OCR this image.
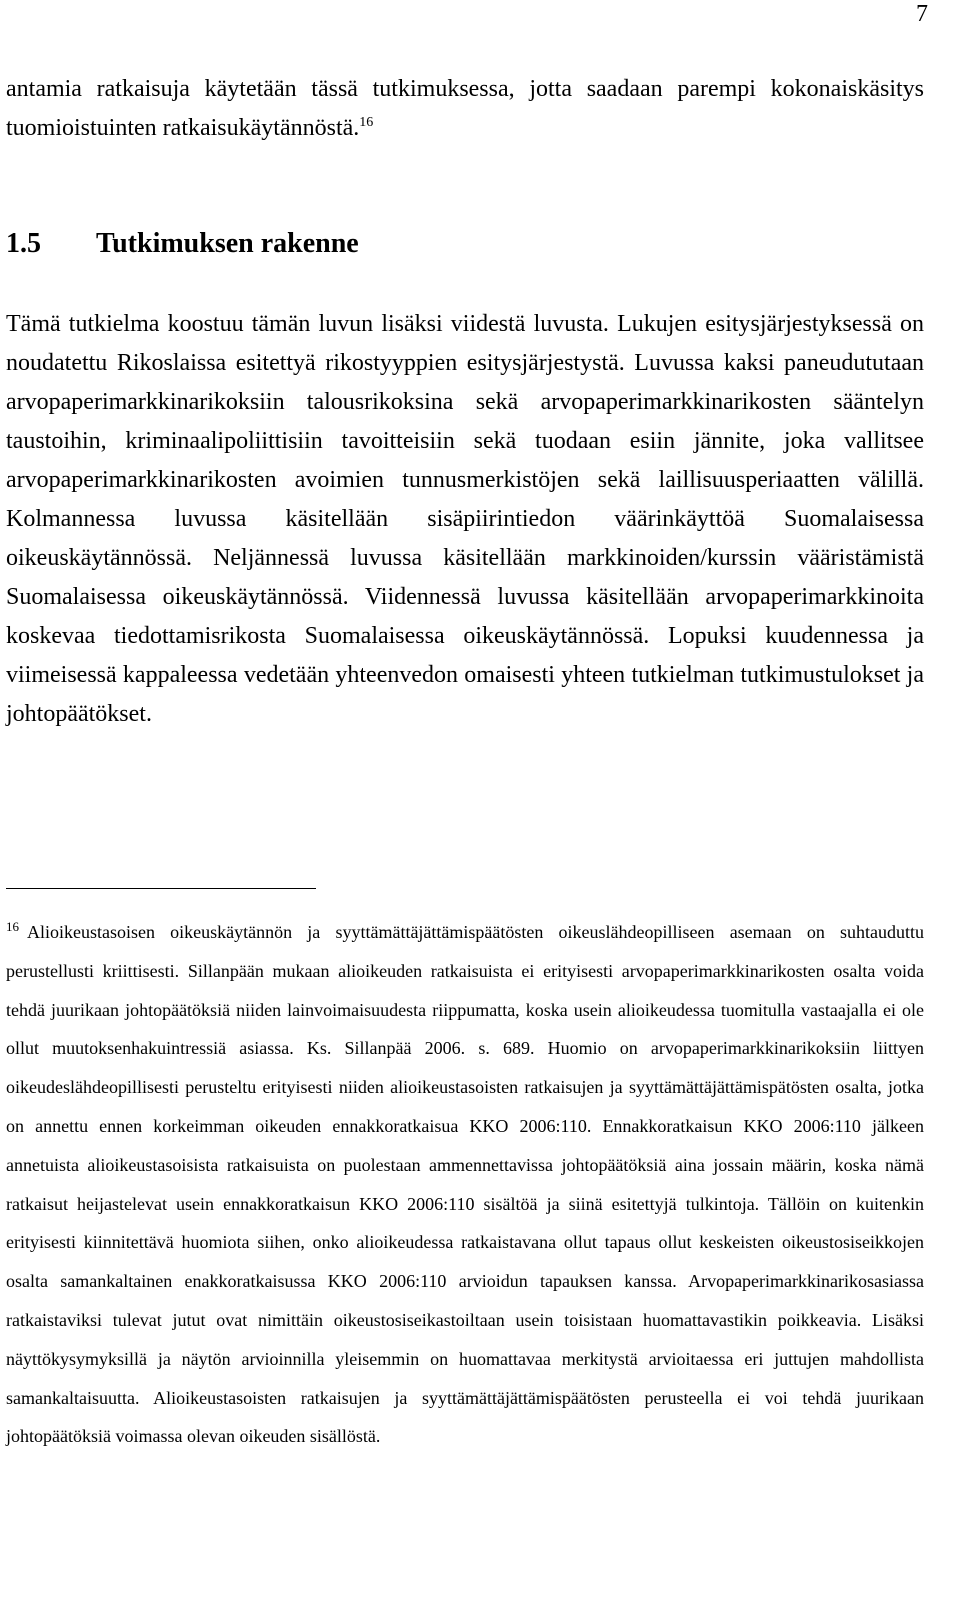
7

antamia ratkaisuja käytetään tässä tutkimuksessa, jotta saadaan parempi kokonaiskäsitys tuomioistuinten ratkaisukäytännöstä.$^{16}$

1.5 Tutkimuksen rakenne

Tämä tutkielma koostuu tämän luvun lisäksi viidestä luvusta. Lukujen esitysjärjestyksessä on noudatettu Rikoslaissa esitettyä rikostyyppien esitysjärjestystä. Luvussa kaksi paneudututaan arvopaperimarkkinarikoksiin talousrikoksina sekä arvopaperimarkkinarikosten sääntelyn taustoihin, kriminaalipoliittisiin tavoitteisiin sekä tuodaan esiin jännite, joka vallitsee arvopaperimarkkinarikosten avoimien tunnusmerkistöjen sekä laillisuusperiaatten välillä. Kolmannessa luvussa käsitellään sisäpiirintiedon väärinkäyttöä Suomalaisessa oikeuskäytännössä. Neljännessä luvussa käsitellään markkinoiden/kurssin vääristämistä Suomalaisessa oikeuskäytännössä. Viidennessä luvussa käsitellään arvopaperimarkkinoita koskevaa tiedottamisrikosta Suomalaisessa oikeuskäytännössä. Lopuksi kuudennessa ja viimeisessä kappaleessa vedetään yhteenvedon omaisesti yhteen tutkielman tutkimustulokset ja johtopäätökset.

$^{16}$ Alioikeustasoisen oikeuskäytännön ja syyttämättäjättämispäätösten oikeuslähdeopilliseen asemaan on suhtauduttu perustellusti kriittisesti. Sillanpään mukaan alioikeuden ratkaisuista ei erityisesti arvopaperimarkkinarikosten osalta voida tehdä juurikaan johtopäätöksiä niiden lainvoimaisuudesta riippumatta, koska usein alioikeudessa tuomitulla vastaajalla ei ole ollut muutoksenhakuintressiä asiassa. Ks. Sillanpää 2006. s. 689. Huomio on arvopaperimarkkinarikoksiin liittyen oikeudeslähdeopillisesti perusteltu erityisesti niiden alioikeustasoisten ratkaisujen ja syyttämättäjättämispätösten osalta, jotka on annettu ennen korkeimman oikeuden ennakkoratkaisua KKO 2006:110. Ennakkoratkaisun KKO 2006:110 jälkeen annetuista alioikeustasoisista ratkaisuista on puolestaan ammennettavissa johtopäätöksiä aina jossain määrin, koska nämä ratkaisut heijastelevat usein ennakkoratkaisun KKO 2006:110 sisältöä ja siinä esitettyjä tulkintoja. Tällöin on kuitenkin erityisesti kiinnitettävä huomiota siihen, onko alioikeudessa ratkaistavana ollut tapaus ollut keskeisten oikeustosiseikkojen osalta samankaltainen enakkoratkaisussa KKO 2006:110 arvioidun tapauksen kanssa. Arvopaperimarkkinarikosasiassa ratkaistaviksi tulevat jutut ovat nimittäin oikeustosiseikastoiltaan usein toisistaan huomattavastikin poikkeavia. Lisäksi näyttökysymyksillä ja näytön arvioinnilla yleisemmin on huomattavaa merkitystä arvioitaessa eri juttujen mahdollista samankaltaisuutta. Alioikeustasoisten ratkaisujen ja syyttämättäjättämispäätösten perusteella ei voi tehdä juurikaan johtopäätöksiä voimassa olevan oikeuden sisällöstä.
